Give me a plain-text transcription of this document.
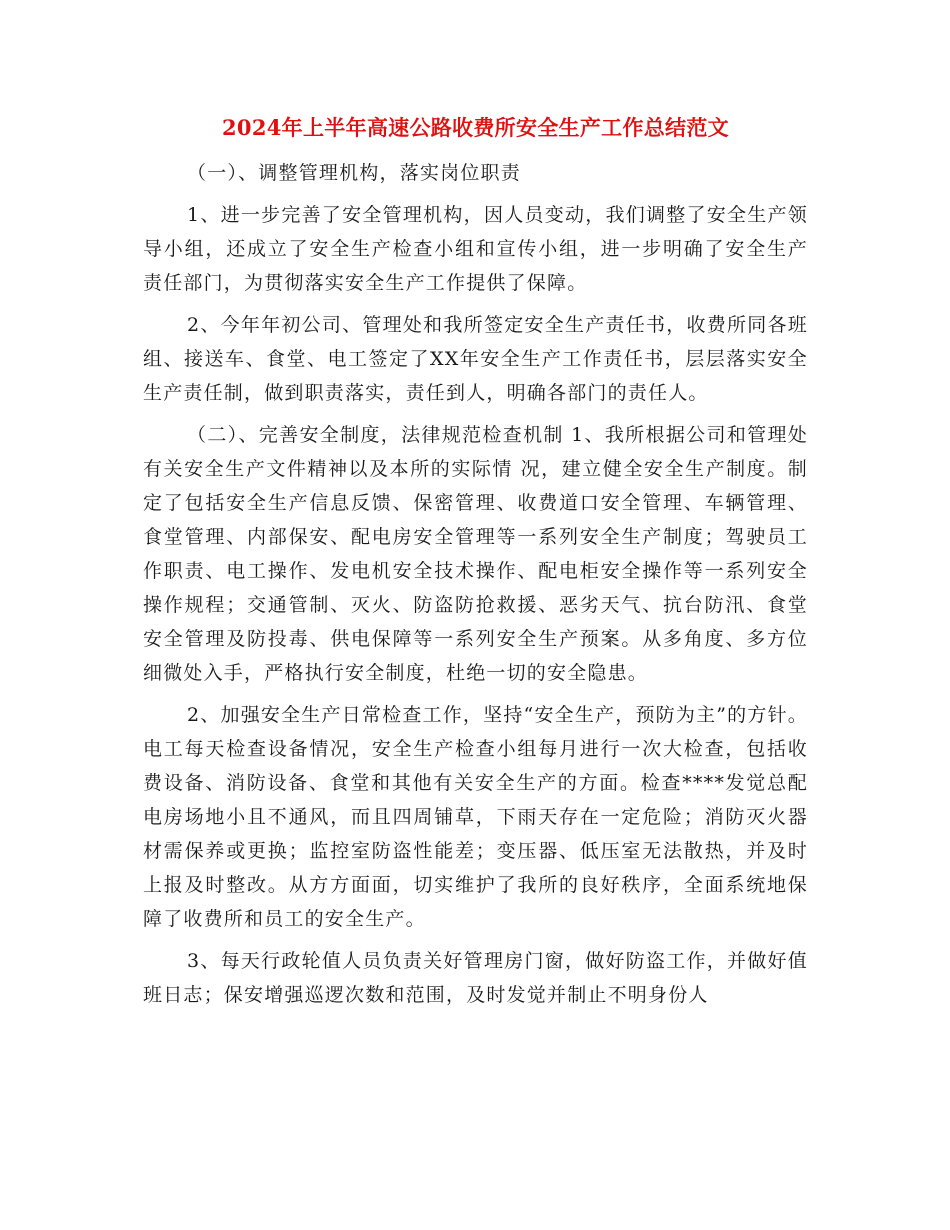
2024年上半年高速公路收费所安全生产工作总结范文
（一）、调整管理机构，落实岗位职责
1、进一步完善了安全管理机构，因人员变动，我们调整了安全生产领导小组，还成立了安全生产检查小组和宣传小组，进一步明确了安全生产责任部门，为贯彻落实安全生产工作提供了保障。
2、今年年初公司、管理处和我所签定安全生产责任书，收费所同各班组、接送车、食堂、电工签定了XX年安全生产工作责任书，层层落实安全生产责任制，做到职责落实，责任到人，明确各部门的责任人。
（二）、完善安全制度，法律规范检查机制 1、我所根据公司和管理处有关安全生产文件精神以及本所的实际情 况，建立健全安全生产制度。制定了包括安全生产信息反馈、保密管理、收费道口安全管理、车辆管理、食堂管理、内部保安、配电房安全管理等一系列安全生产制度；驾驶员工作职责、电工操作、发电机安全技术操作、配电柜安全操作等一系列安全操作规程；交通管制、灭火、防盗防抢救援、恶劣天气、抗台防汛、食堂安全管理及防投毒、供电保障等一系列安全生产预案。从多角度、多方位细微处入手，严格执行安全制度，杜绝一切的安全隐患。
2、加强安全生产日常检查工作，坚持“安全生产，预防为主”的方针。电工每天检查设备情况，安全生产检查小组每月进行一次大检查，包括收费设备、消防设备、食堂和其他有关安全生产的方面。检查****发觉总配电房场地小且不通风，而且四周铺草，下雨天存在一定危险；消防灭火器材需保养或更换；监控室防盗性能差；变压器、低压室无法散热，并及时上报及时整改。从方方面面，切实维护了我所的良好秩序，全面系统地保障了收费所和员工的安全生产。
3、每天行政轮值人员负责关好管理房门窗，做好防盗工作，并做好值 班日志；保安增强巡逻次数和范围，及时发觉并制止不明身份人
